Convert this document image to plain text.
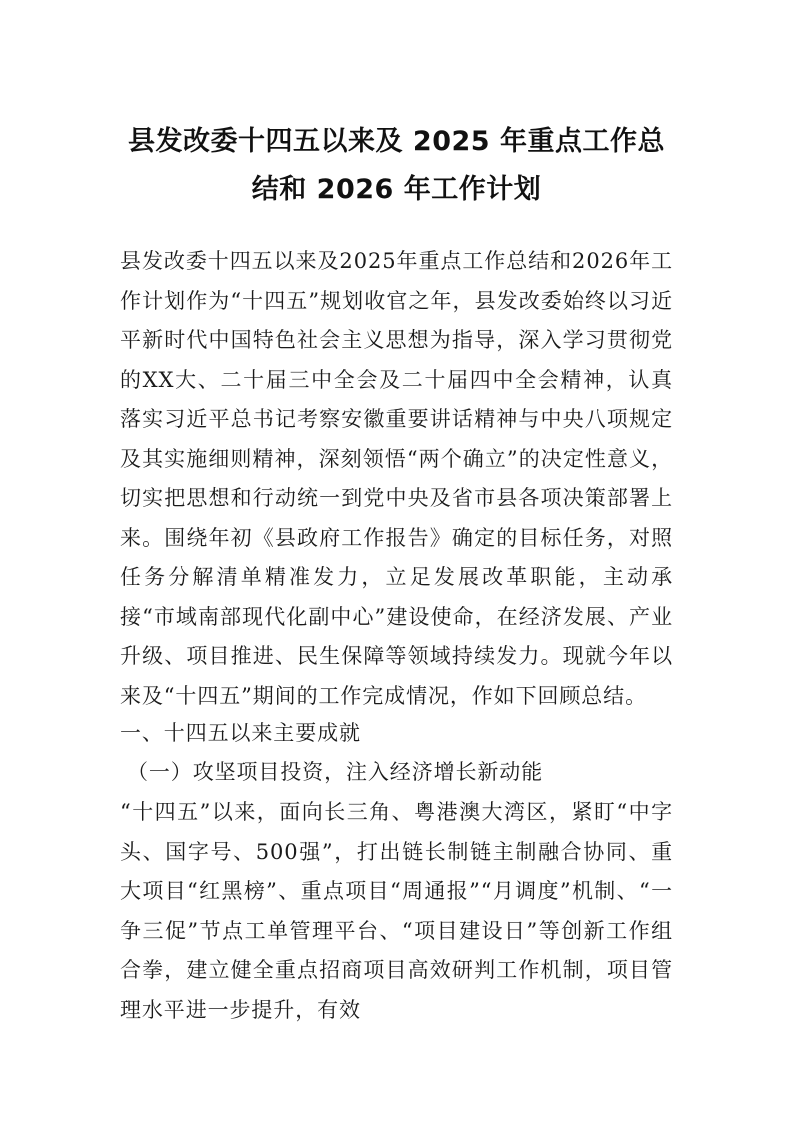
县发改委十四五以来及 2025 年重点工作总
结和 2026 年工作计划
县发改委十四五以来及2025年重点工作总结和2026年工作计划作为“十四五”规划收官之年，县发改委始终以习近平新时代中国特色社会主义思想为指导，深入学习贯彻党的XX大、二十届三中全会及二十届四中全会精神，认真落实习近平总书记考察安徽重要讲话精神与中央八项规定及其实施细则精神，深刻领悟“两个确立”的决定性意义，切实把思想和行动统一到党中央及省市县各项决策部署上来。围绕年初《县政府工作报告》确定的目标任务，对照任务分解清单精准发力，立足发展改革职能，主动承接“市域南部现代化副中心”建设使命，在经济发展、产业升级、项目推进、民生保障等领域持续发力。现就今年以来及“十四五”期间的工作完成情况，作如下回顾总结。
一、十四五以来主要成就
（一）攻坚项目投资，注入经济增长新动能
“十四五”以来，面向长三角、粤港澳大湾区，紧盯“中字头、国字号、500强”，打出链长制链主制融合协同、重大项目“红黑榜”、重点项目“周通报”“月调度”机制、“一争三促”节点工单管理平台、“项目建设日”等创新工作组合拳，建立健全重点招商项目高效研判工作机制，项目管理水平进一步提升，有效
